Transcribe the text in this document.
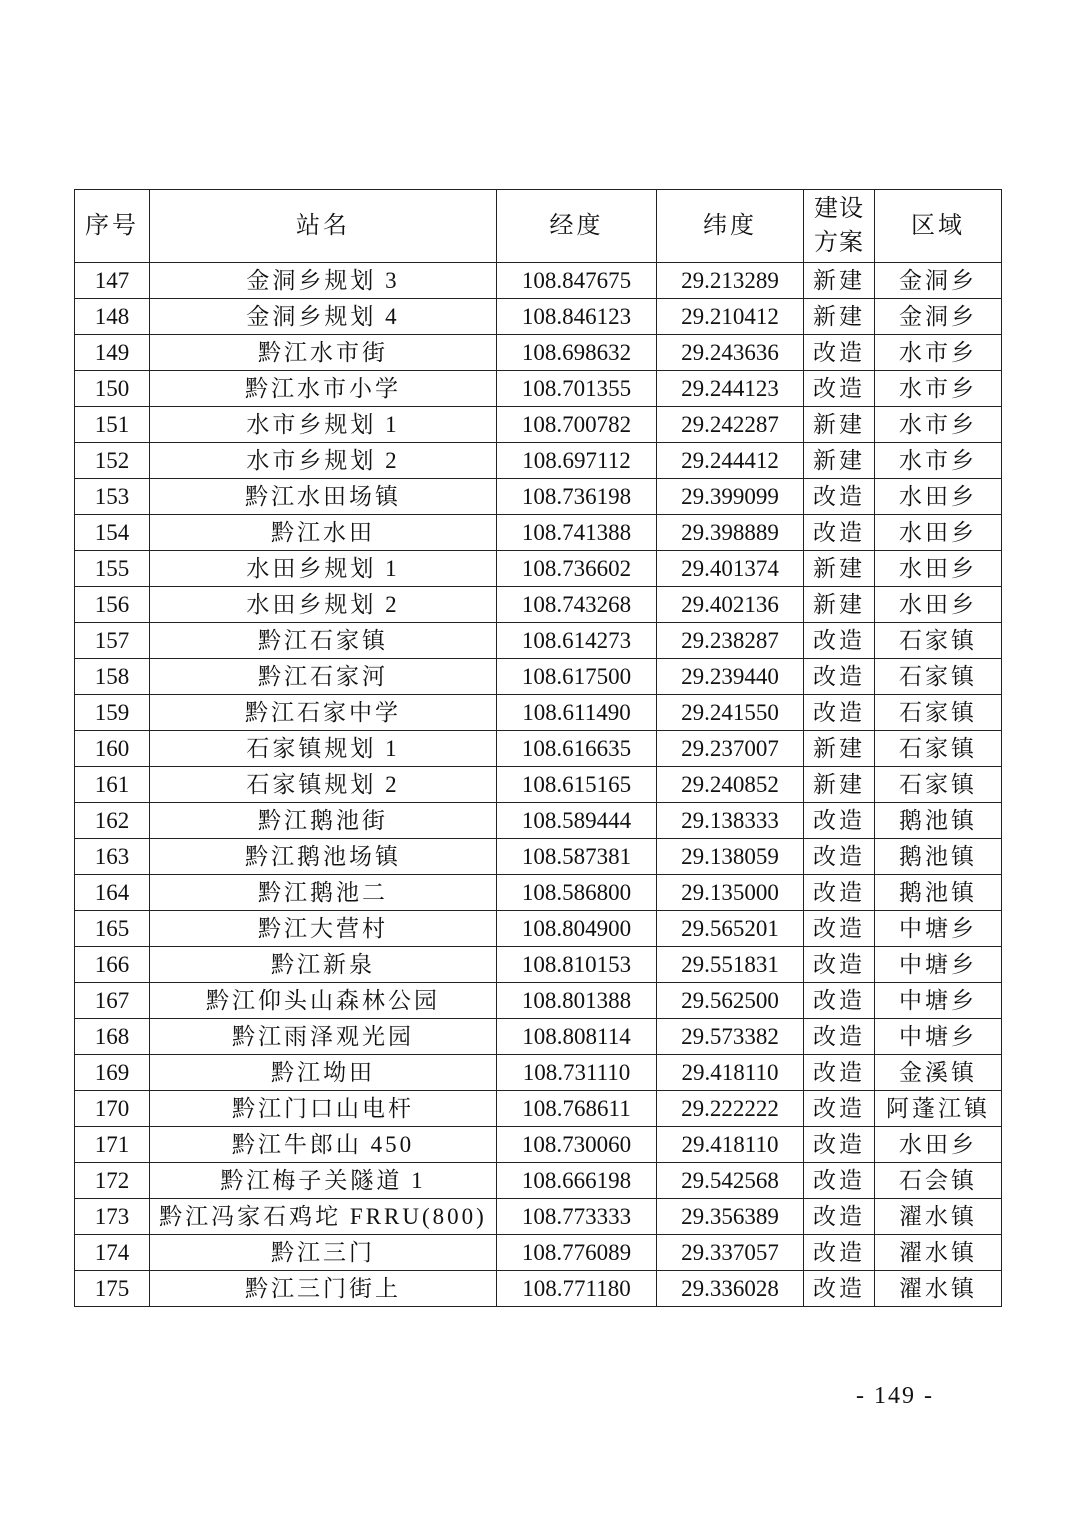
序号	站名	经度	纬度	建设方案	区域
147	金洞乡规划 3	108.847675	29.213289	新建	金洞乡
148	金洞乡规划 4	108.846123	29.210412	新建	金洞乡
149	黔江水市街	108.698632	29.243636	改造	水市乡
150	黔江水市小学	108.701355	29.244123	改造	水市乡
151	水市乡规划 1	108.700782	29.242287	新建	水市乡
152	水市乡规划 2	108.697112	29.244412	新建	水市乡
153	黔江水田场镇	108.736198	29.399099	改造	水田乡
154	黔江水田	108.741388	29.398889	改造	水田乡
155	水田乡规划 1	108.736602	29.401374	新建	水田乡
156	水田乡规划 2	108.743268	29.402136	新建	水田乡
157	黔江石家镇	108.614273	29.238287	改造	石家镇
158	黔江石家河	108.617500	29.239440	改造	石家镇
159	黔江石家中学	108.611490	29.241550	改造	石家镇
160	石家镇规划 1	108.616635	29.237007	新建	石家镇
161	石家镇规划 2	108.615165	29.240852	新建	石家镇
162	黔江鹅池街	108.589444	29.138333	改造	鹅池镇
163	黔江鹅池场镇	108.587381	29.138059	改造	鹅池镇
164	黔江鹅池二	108.586800	29.135000	改造	鹅池镇
165	黔江大营村	108.804900	29.565201	改造	中塘乡
166	黔江新泉	108.810153	29.551831	改造	中塘乡
167	黔江仰头山森林公园	108.801388	29.562500	改造	中塘乡
168	黔江雨泽观光园	108.808114	29.573382	改造	中塘乡
169	黔江坳田	108.731110	29.418110	改造	金溪镇
170	黔江门口山电杆	108.768611	29.222222	改造	阿蓬江镇
171	黔江牛郎山 450	108.730060	29.418110	改造	水田乡
172	黔江梅子关隧道 1	108.666198	29.542568	改造	石会镇
173	黔江冯家石鸡坨 FRRU(800)	108.773333	29.356389	改造	濯水镇
174	黔江三门	108.776089	29.337057	改造	濯水镇
175	黔江三门街上	108.771180	29.336028	改造	濯水镇
- 149 -
